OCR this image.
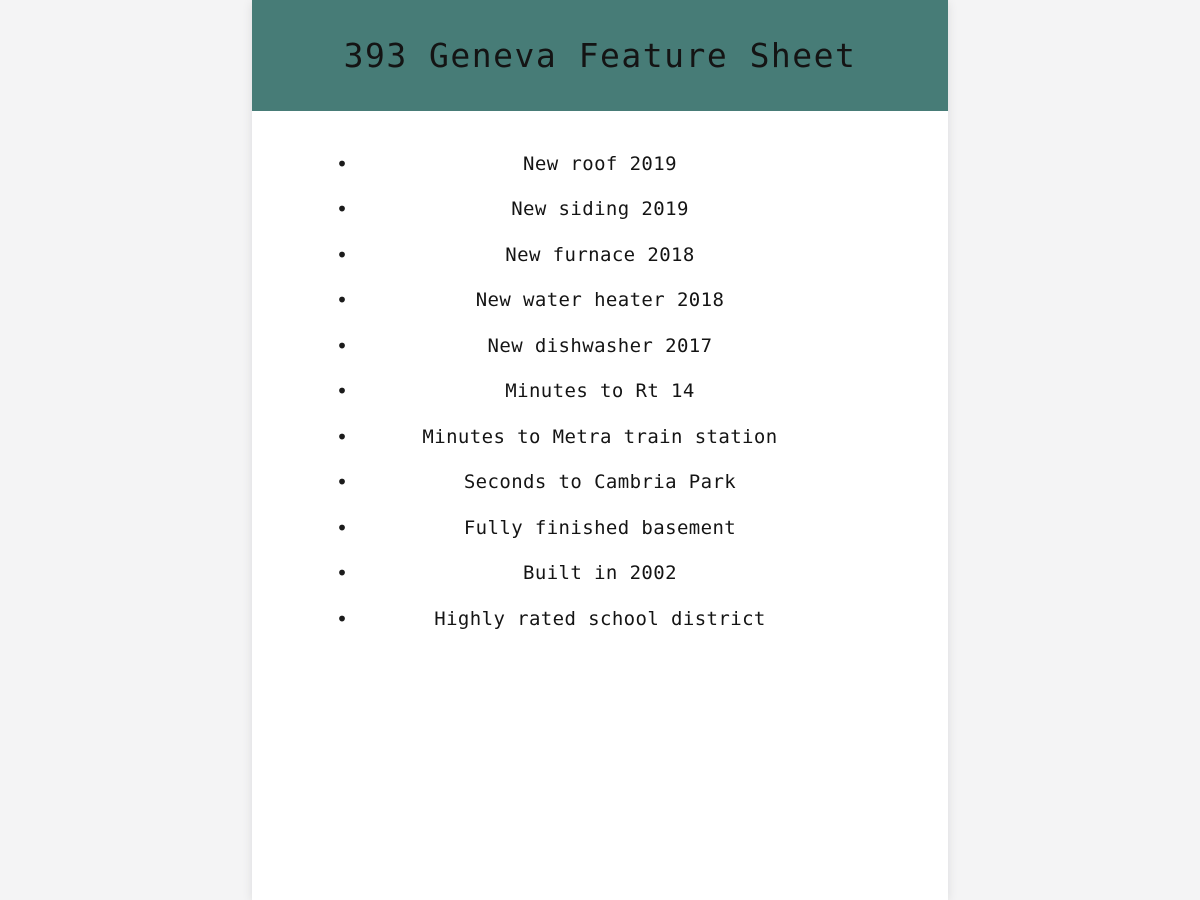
393 Geneva Feature Sheet
•	New roof 2019
•	New siding 2019
•	New furnace 2018
•	New water heater 2018
•	New dishwasher 2017
•	Minutes to Rt 14
•	Minutes to Metra train station
•	Seconds to Cambria Park
•	Fully finished basement
•	Built in 2002
•	Highly rated school district
